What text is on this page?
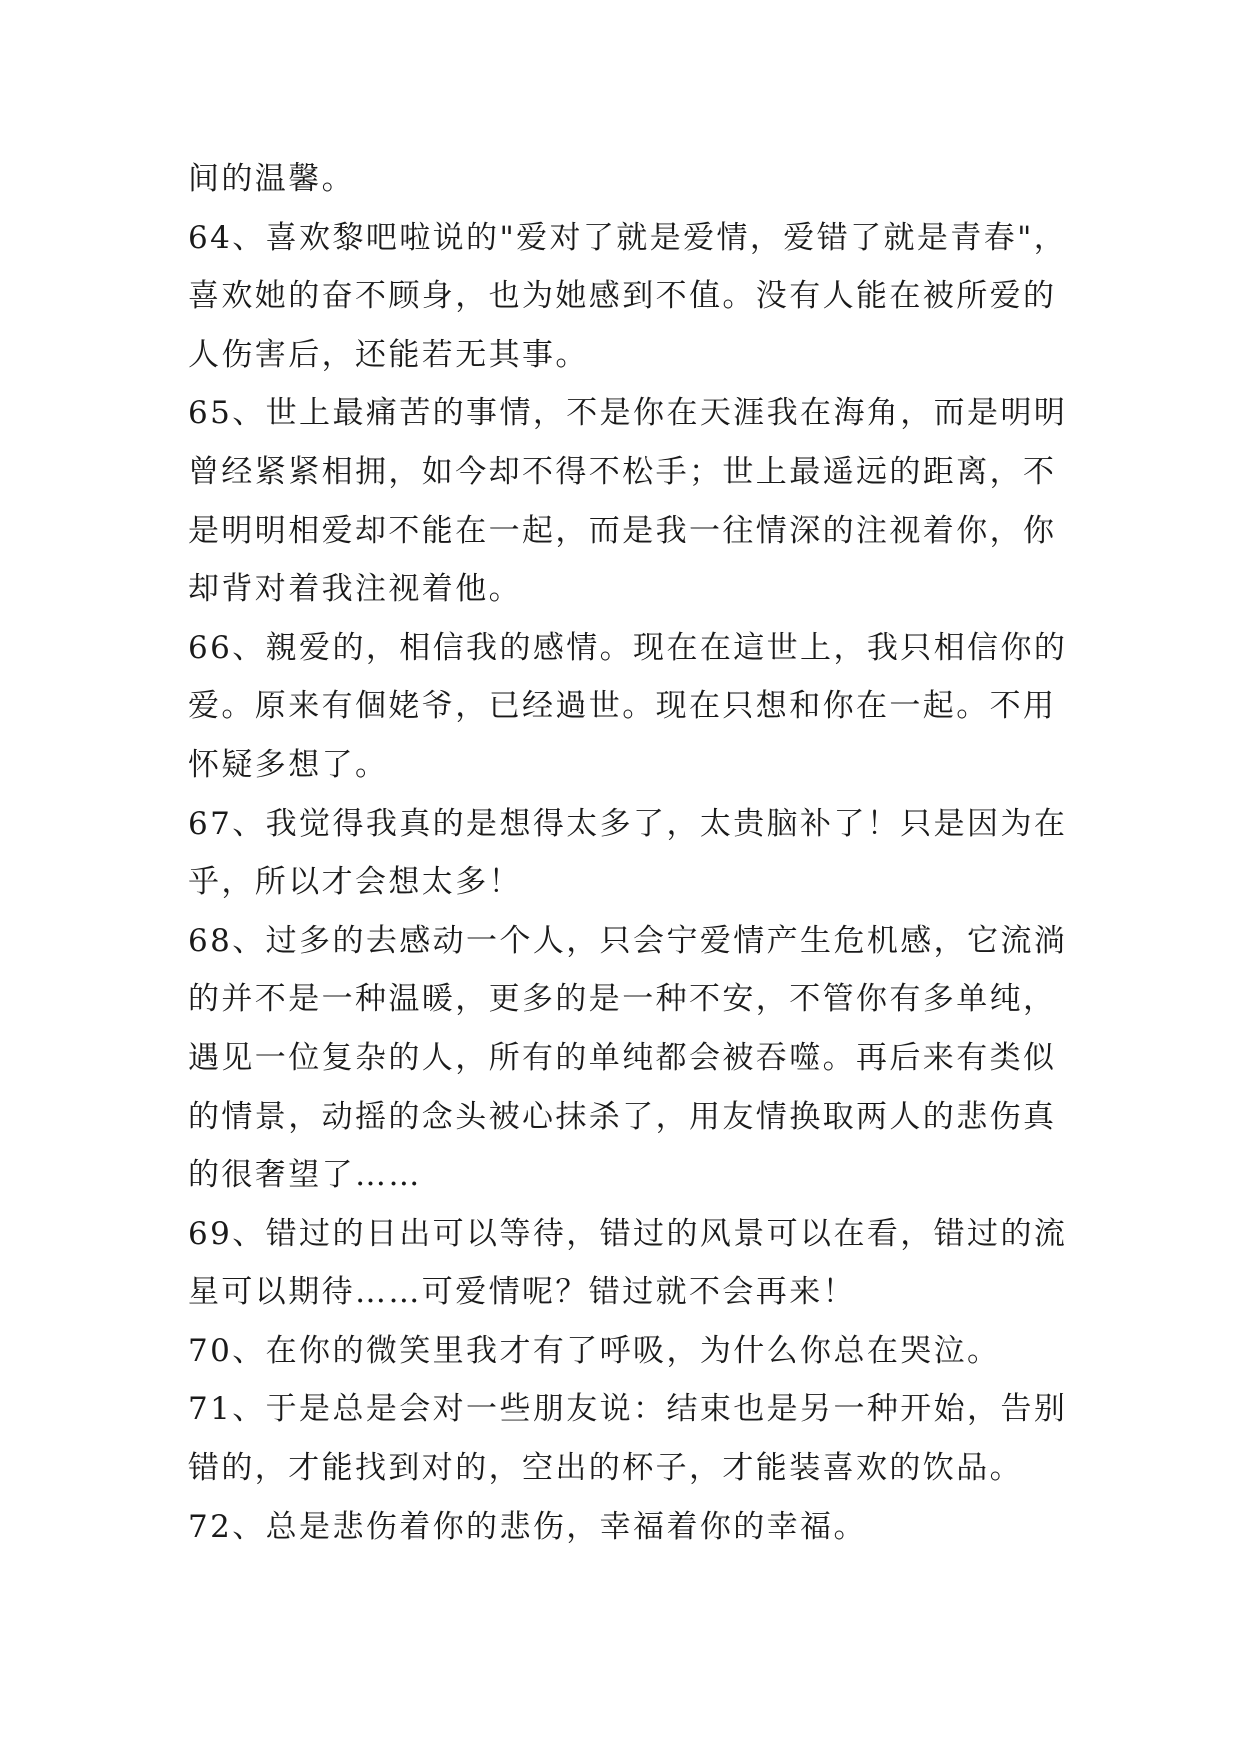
间的温馨。
64、喜欢黎吧啦说的"爱对了就是爱情，爱错了就是青春"，
喜欢她的奋不顾身，也为她感到不值。没有人能在被所爱的
人伤害后，还能若无其事。
65、世上最痛苦的事情，不是你在天涯我在海角，而是明明
曾经紧紧相拥，如今却不得不松手；世上最遥远的距离，不
是明明相爱却不能在一起，而是我一往情深的注视着你，你
却背对着我注视着他。
66、親爱的，相信我的感情。现在在這世上，我只相信你的
爱。原来有個姥爷，已经過世。现在只想和你在一起。不用
怀疑多想了。
67、我觉得我真的是想得太多了，太贵脑补了！只是因为在
乎，所以才会想太多！
68、过多的去感动一个人，只会宁爱情产生危机感，它流淌
的并不是一种温暖，更多的是一种不安，不管你有多单纯，
遇见一位复杂的人，所有的单纯都会被吞噬。再后来有类似
的情景，动摇的念头被心抹杀了，用友情换取两人的悲伤真
的很奢望了……
69、错过的日出可以等待，错过的风景可以在看，错过的流
星可以期待……可爱情呢？错过就不会再来！
70、在你的微笑里我才有了呼吸，为什么你总在哭泣。
71、于是总是会对一些朋友说：结束也是另一种开始，告别
错的，才能找到对的，空出的杯子，才能装喜欢的饮品。
72、总是悲伤着你的悲伤，幸福着你的幸福。
